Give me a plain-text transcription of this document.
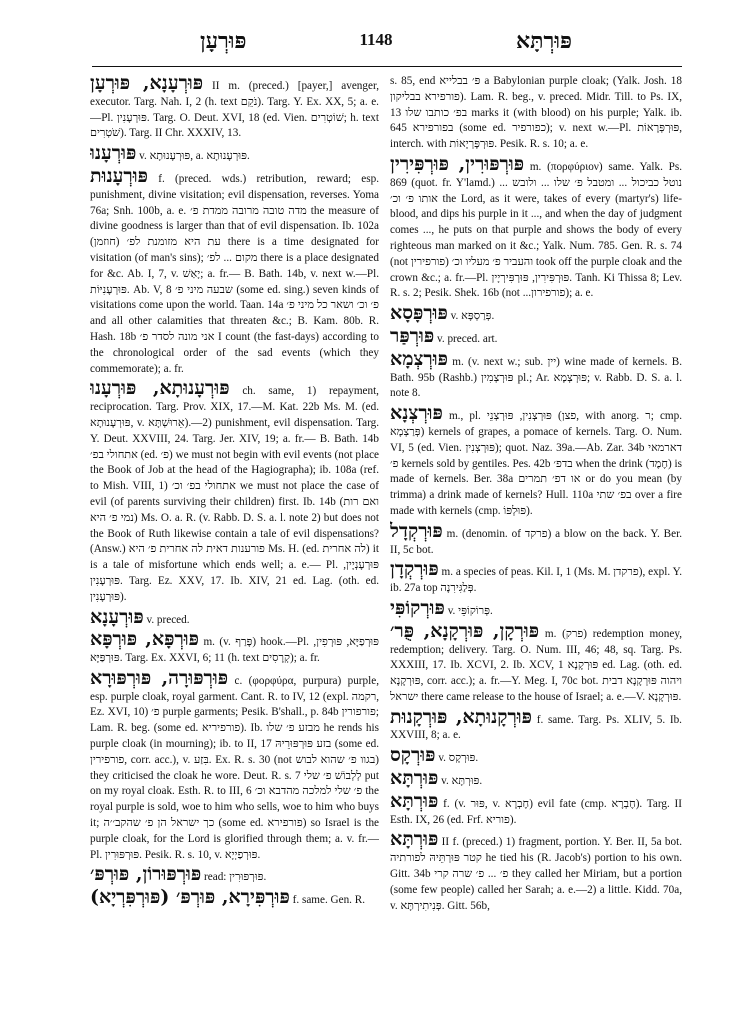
פּוּרְעָן	1148	פּוּרְתָּא
פּוּרְעָנָא, פּוּרְעָן II m. (preced.) [payer,] avenger, executor. Targ. Nah. I, 2 (h. text נֹקֵם). Targ. Y. Ex. XX, 5; a. e.—Pl. פּוּרְעָנִין. Targ. O. Deut. XVI, 18 (ed. Vien. שׁוֹטְרִים; h. text שֹׁטְרִים). Targ. II Chr. XXXIV, 13.
פּוּרְעָנוּ v. פּוּרְעָנוּתָא, a. פּוּרְעָנוּתָא.
פּוּרְעָנוּת f. (preced. wds.) retribution, reward; esp. punishment, divine visitation; evil dispensation, reverses. Yoma 76a; Snh. 100b, a. e. מדה טובה מרובה ממדת פ׳ the measure of divine goodness is larger than that of evil dispensation. Ib. 102a עת היא מזומנת לפ׳ (חוזמן) there is a time designated for visitation (of man's sins); מקום ... לפ׳ there is a place designated for &c. Ab. I, 7, v. יָאַשׁ; a. fr.— B. Bath. 14b, v. next w.—Pl. פּוּרְעָנִיּוֹת. Ab. V, 8 שבעה מיני פ׳ (some ed. sing.) seven kinds of visitations come upon the world. Taan. 14a פ׳ וכ׳ ושאר כל מיני פ׳ and all other calamities that threaten &c.; B. Kam. 80b. R. Hash. 18b אני מונה לסדר פ׳ I count (the fast-days) according to the chronological order of the sad events (which they commemorate); a. fr.
פּוּרְעָנוּתָא, פּוּרְעָנוּ ch. same, 1) repayment, reciprocation. Targ. Prov. XIX, 17.—M. Kat. 22b Ms. M. (ed. פּוּרְעָנוּתָא, v. אֵרוּשְׁתָּא).—2) punishment, evil dispensation. Targ. Y. Deut. XXVIII, 24. Targ. Jer. XIV, 19; a. fr.— B. Bath. 14b אתחולי בפ׳ (ed. פ׳) we must not begin with evil events (not place the Book of Job at the head of the Hagiographa); ib. 108a (ref. to Mish. VIII, 1) אתחולי בפ׳ וכ׳ we must not place the case of evil (of parents surviving their children) first. Ib. 14b (ואם רות נמי פ׳ היא) Ms. O. a. R. (v. Rabb. D. S. a. l. note 2) but does not the Book of Ruth likewise contain a tale of evil dispensations? (Answ.) פורענות דאית לה אחרית פ׳ היא Ms. H. (ed. לה אחרית) it is a tale of misfortune which ends well; a. e.— Pl. פּוּרְעָנְיָין, פּוּרְעָנִין. Targ. Ez. XXV, 17. Ib. XIV, 21 ed. Lag. (oth. ed. פּוּרְעָנִין).
פּוּרְעָנָא v. preced.
פּוּרְפָּא, פּוּרְפָּא m. (v. פָּרַף) hook.—Pl. פּוּרְפַיָּא, פּוּרְפִין, פּוּרְפַּיָּא. Targ. Ex. XXVI, 6; 11 (h. text קְרָסִים); a. fr.
פּוּרְפּוּרָה, פּוּרְפּוּרָא c. (φορφύρα, purpura) purple, esp. purple cloak, royal garment. Cant. R. to IV, 12 (expl. רקמה, Ez. XVI, 10) פ׳ purple garments; Pesik. B'shall., p. 84b פורפורין; Lam. R. beg. (some ed. פורפיריא). Ib. מבזע פ׳ שלו he rends his purple cloak (in mourning); ib. to II, 17 בזע פּוּרְפּוּרֵיהּ (some ed. פורפירין, corr. acc.), v. בִּזַע. Ex. R. s. 30 (not בגוו פ׳ שהוא לבוש) they criticised the cloak he wore. Deut. R. s. 7 לְלְבוֹשׁ פ׳ שלי put on my royal cloak. Esth. R. to III, 6 פ׳ שלי למלכה מהדבא וכ׳ the royal purple is sold, woe to him who sells, woe to him who buys it; כך ישראל הן פ׳ שהקב׳׳ה (some ed. פורפירא) so Israel is the purple cloak, for the Lord is glorified through them; a. v. fr.—Pl. פּוּרְפּוּרִין. Pesik. R. s. 10, v. פּוּרְפַיְיָא.
פּוּרְפּוּרוֹן, פּוּרְפּ׳ read: פּוּרְפּוּרִין.
פּוּרְפִּירָא, פּוּרְפּ׳ (פּוּרְפִּרְיָא) f. same. Gen. R.
s. 85, end פּ׳ בבלייא a Babylonian purple cloak; (Yalk. Josh. 18 פורפירא בבליקון). Lam. R. beg., v. preced. Midr. Till. to Ps. IX, 13 בפ׳ כותבו שלו marks it (with blood) on his purple; Yalk. ib. 645 בפורפירא (some ed. כפורפיר); v. next w.—Pl. פּוּרְפְּרָאוֹת, interch. with פּוּרְפָּרְיָאוֹת. Pesik. R. s. 10; a. e.
פּוּרְפּוּרִין, פּוּרְפִּירִין m. (πορφύριον) same. Yalk. Ps. 869 (quot. fr. Y'lamd.) ... נוטל כביכול ... ומטבל פ׳ שלו ... ולובש אותו פ׳ וכ׳ the Lord, as it were, takes of every (martyr's) life-blood, and dips his purple in it ..., and when the day of judgment comes ..., he puts on that purple and shows the body of every righteous man marked on it &c.; Yalk. Num. 785. Gen. R. s. 74 (not פורפירין) והעביר פ׳ מעליו וכ׳ took off the purple cloak and the crown &c.; a. fr.—Pl. פּוּרְפִּירִין, פּוּרְפִּירְיָין. Tanh. Ki Thissa 8; Lev. R. s. 2; Pesik. Shek. 16b (not ...פורפירון); a. e.
פּוּרְפָּסָא v. פְּרַסְפָּא.
פּוּרְפַּר v. preced. art.
פּוּרְצְמָא m. (v. next w.; sub. יין) wine made of kernels. B. Bath. 95b (Rashb.) פּוּרְצְמִין pl.; Ar. פּוּרְצְמָא; v. Rabb. D. S. a. l. note 8.
פּוּרְצְנָא m., pl. פּוּרְצְנִין, פּוּרְצְנֵי (פצן, with anorg. ר; cmp. פְּרַצְמָא) kernels of grapes, a pomace of kernels. Targ. O. Num. VI, 5 (ed. Vien. פּוּרְצְנִין); quot. Naz. 39a.—Ab. Zar. 34b דארמאי פ׳ kernels sold by gentiles. Pes. 42b בדפ׳ when the drink (חֶמֶד) is made of kernels. Ber. 38a או דפ׳ תמרים or do you mean (by trimma) a drink made of kernels? Hull. 110a בפ׳ שתי over a fire made with kernels (cmp. פּוּלְפּוֹ).
פּוּרְקְדָל m. (denomin. of פרקד) a blow on the back. Y. Ber. II, 5c bot.
פּוּרְקְדָן m. a species of peas. Kil. I, 1 (Ms. M. פרקדן), expl. Y. ib. 27a top פְּלַגִּירִנָה.
פּוּרְקוֹפִּי v. פְּרוֹקוֹפֵּי.
פּוּרְקָן, פּוּרְקָנָא, פֻּר׳ m. (פרק) redemption money, redemption; delivery. Targ. O. Num. III, 46; 48, sq. Targ. Ps. XXXIII, 17. Ib. XCVI, 2. Ib. XCV, 1 פּוּרְקָנָא ed. Lag. (oth. ed. פּוּרְקָנָא, corr. acc.); a. fr.—Y. Meg. I, 70c bot. ויהוה פּוּרְקָנָא דבית ישראל there came release to the house of Israel; a. e.—V. פּוּרְקָנָא.
פּוּרְקָנוּתָא, פּוּרְקָנוּת f. same. Targ. Ps. XLIV, 5. Ib. XXVIII, 8; a. e.
פּוּרְקָס v. פּוּרְקָס.
פּוּרְתָּא v. פּוּרְתָּא.
פּוּרְתָּא f. (v. פּוּר, v. חֶבְרָא) evil fate (cmp. חֶבְרָא). Targ. II Esth. IX, 26 (ed. Frf. פוריא).
פּוּרְתָּא II f. (preced.) 1) fragment, portion. Y. Ber. II, 5a bot. קטר פּוּרְתֵּיהּ לפורתיה he tied his (R. Jacob's) portion to his own. Gitt. 34b פ׳ ... פ׳ שרה קרי they called her Miriam, but a portion (some few people) called her Sarah; a. e.—2) a little. Kidd. 70a, v. פְּנִיתִירְתָּא. Gitt. 56b,
